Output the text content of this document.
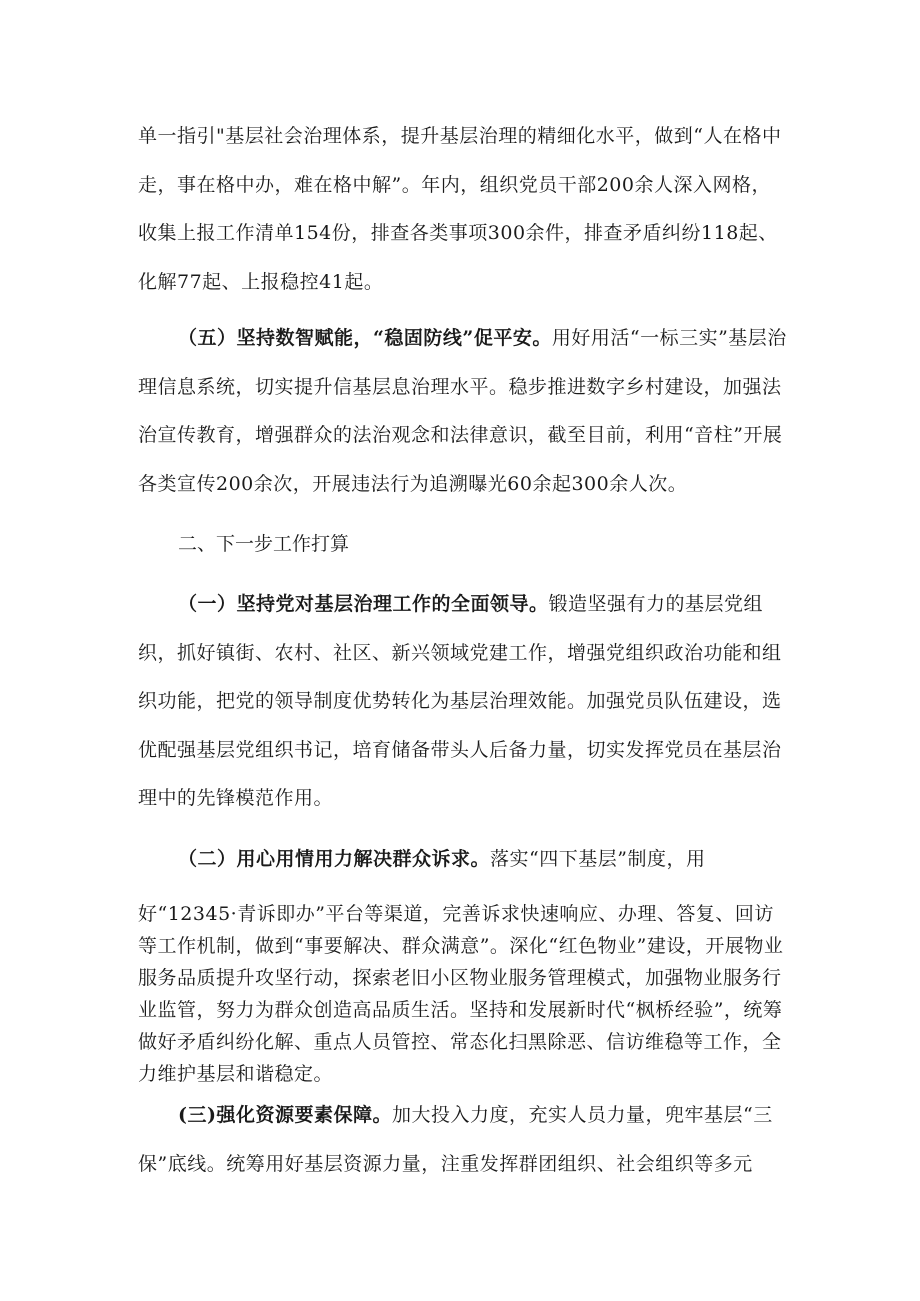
单一指引"基层社会治理体系，提升基层治理的精细化水平，做到“人在格中走，事在格中办，难在格中解”。年内，组织党员干部200余人深入网格，收集上报工作清单154份，排查各类事项300余件，排查矛盾纠纷118起、化解77起、上报稳控41起。

（五）坚持数智赋能，“稳固防线”促平安。用好用活“一标三实”基层治理信息系统，切实提升信基层息治理水平。稳步推进数字乡村建设，加强法治宣传教育，增强群众的法治观念和法律意识，截至目前，利用“音柱”开展各类宣传200余次，开展违法行为追溯曝光60余起300余人次。

二、下一步工作打算

（一）坚持党对基层治理工作的全面领导。锻造坚强有力的基层党组织，抓好镇街、农村、社区、新兴领域党建工作，增强党组织政治功能和组织功能，把党的领导制度优势转化为基层治理效能。加强党员队伍建设，选优配强基层党组织书记，培育储备带头人后备力量，切实发挥党员在基层治理中的先锋模范作用。

（二）用心用情用力解决群众诉求。落实“四下基层”制度，用

好“12345·青诉即办”平台等渠道，完善诉求快速响应、办理、答复、回访等工作机制，做到“事要解决、群众满意”。深化“红色物业”建设，开展物业服务品质提升攻坚行动，探索老旧小区物业服务管理模式，加强物业服务行业监管，努力为群众创造高品质生活。坚持和发展新时代“枫桥经验”，统筹做好矛盾纠纷化解、重点人员管控、常态化扫黑除恶、信访维稳等工作，全力维护基层和谐稳定。

(三)强化资源要素保障。加大投入力度，充实人员力量，兜牢基层“三保”底线。统筹用好基层资源力量，注重发挥群团组织、社会组织等多元
